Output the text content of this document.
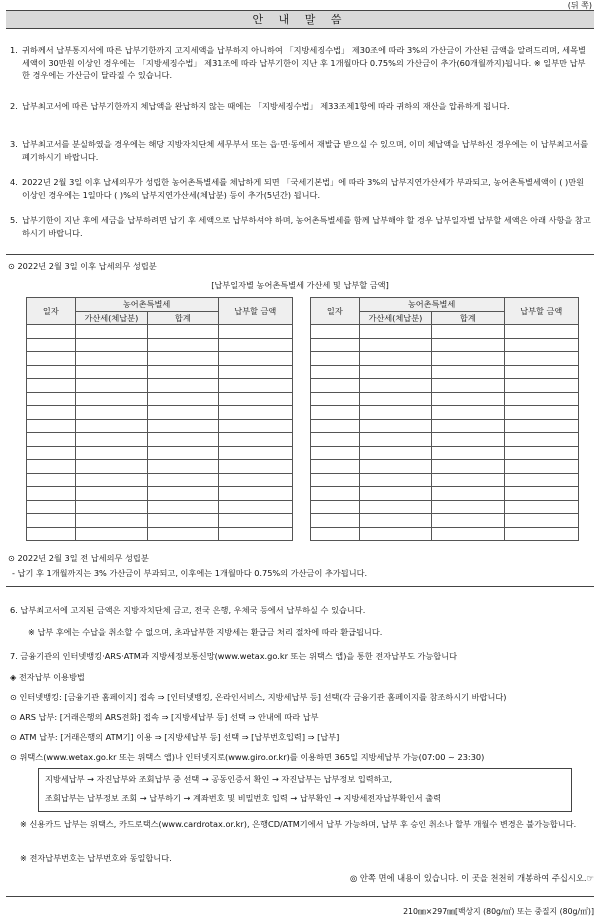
(뒤 쪽)
안 내 말 씀
1. 귀하께서 납부통지서에 따른 납부기한까지 고지세액을 납부하지 아니하여 「지방세징수법」 제30조에 따라 3%의 가산금이 가산된 금액을 알려드리며, 세목별 세액이 30만원 이상인 경우에는 「지방세징수법」 제31조에 따라 납부기한이 지난 후 1개월마다 0.75%의 가산금이 추가(60개월까지)됩니다. ※ 일부만 납부한 경우에는 가산금이 달라질 수 있습니다.
2. 납부최고서에 따른 납부기한까지 체납액을 완납하지 않는 때에는 「지방세징수법」 제33조제1항에 따라 귀하의 재산을 압류하게 됩니다.
3. 납부최고서를 분실하였을 경우에는 해당 지방자치단체 세무부서 또는 읍·면·동에서 재발급 받으실 수 있으며, 이미 체납액을 납부하신 경우에는 이 납부최고서를 폐기하시기 바랍니다.
4. 2022년 2월 3일 이후 납세의무가 성립한 농어촌특별세를 체납하게 되면 「국세기본법」에 따라 3%의 납부지연가산세가 부과되고, 농어촌특별세액이 ( )만원 이상인 경우에는 1일마다 ( )%의 납부지연가산세(체납분) 등이 추가(5년간) 됩니다.
5. 납부기한이 지난 후에 세금을 납부하려면 납기 후 세액으로 납부하셔야 하며, 농어촌특별세를 함께 납부해야 할 경우 납부일자별 납부할 세액은 아래 사항을 참고하시기 바랍니다.
⊙ 2022년 2월 3일 이후 납세의무 성립분
[납부일자별 농어촌특별세 가산세 및 납부할 금액]
일자	농어촌특별세		납부할 금액
	가산세(체납분)	합계	

일자	농어촌특별세		납부할 금액
	가산세(체납분)	합계	

⊙ 2022년 2월 3일 전 납세의무 성립분
- 납기 후 1개월까지는 3% 가산금이 부과되고, 이후에는 1개월마다 0.75%의 가산금이 추가됩니다.
6. 납부최고서에 고지된 금액은 지방자치단체 금고, 전국 은행, 우체국 등에서 납부하실 수 있습니다.
※ 납부 후에는 수납을 취소할 수 없으며, 초과납부한 지방세는 환급금 처리 절차에 따라 환급됩니다.
7. 금융기관의 인터넷뱅킹·ARS·ATM과 지방세정보통신망(www.wetax.go.kr 또는 위택스 앱)을 통한 전자납부도 가능합니다
◈ 전자납부 이용방법
⊙ 인터넷뱅킹: [금융기관 홈페이지] 접속 ⇒ [인터넷뱅킹, 온라인서비스, 지방세납부 등] 선택(각 금융기관 홈페이지를 참조하시기 바랍니다)
⊙ ARS 납부: [거래은행의 ARS전화] 접속 ⇒ [지방세납부 등] 선택 ⇒ 안내에 따라 납부
⊙ ATM 납부: [거래은행의 ATM기] 이용 ⇒ [지방세납부 등] 선택 ⇒ [납부번호입력] ⇒ [납부]
⊙ 위택스(www.wetax.go.kr 또는 위택스 앱)나 인터넷지로(www.giro.or.kr)를 이용하면 365일 지방세납부 가능(07:00 ~ 23:30)
지방세납부 → 자진납부와 조회납부 중 선택 → 공동인증서 확인 → 자진납부는 납부정보 입력하고,
조회납부는 납부정보 조회 → 납부하기 → 계좌번호 및 비밀번호 입력 → 납부확인 → 지방세전자납부확인서 출력
※ 신용카드 납부는 위택스, 카드로택스(www.cardrotax.or.kr), 은행CD/ATM기에서 납부 가능하며, 납부 후 승인 취소나 할부 개월수 변경은 불가능합니다.
※ 전자납부번호는 납부번호와 동일합니다.
◎ 안쪽 면에 내용이 있습니다. 이 곳을 천천히 개봉하여 주십시오.☞
210㎜×297㎜[백상지 (80g/㎡) 또는 중질지 (80g/㎡)]
